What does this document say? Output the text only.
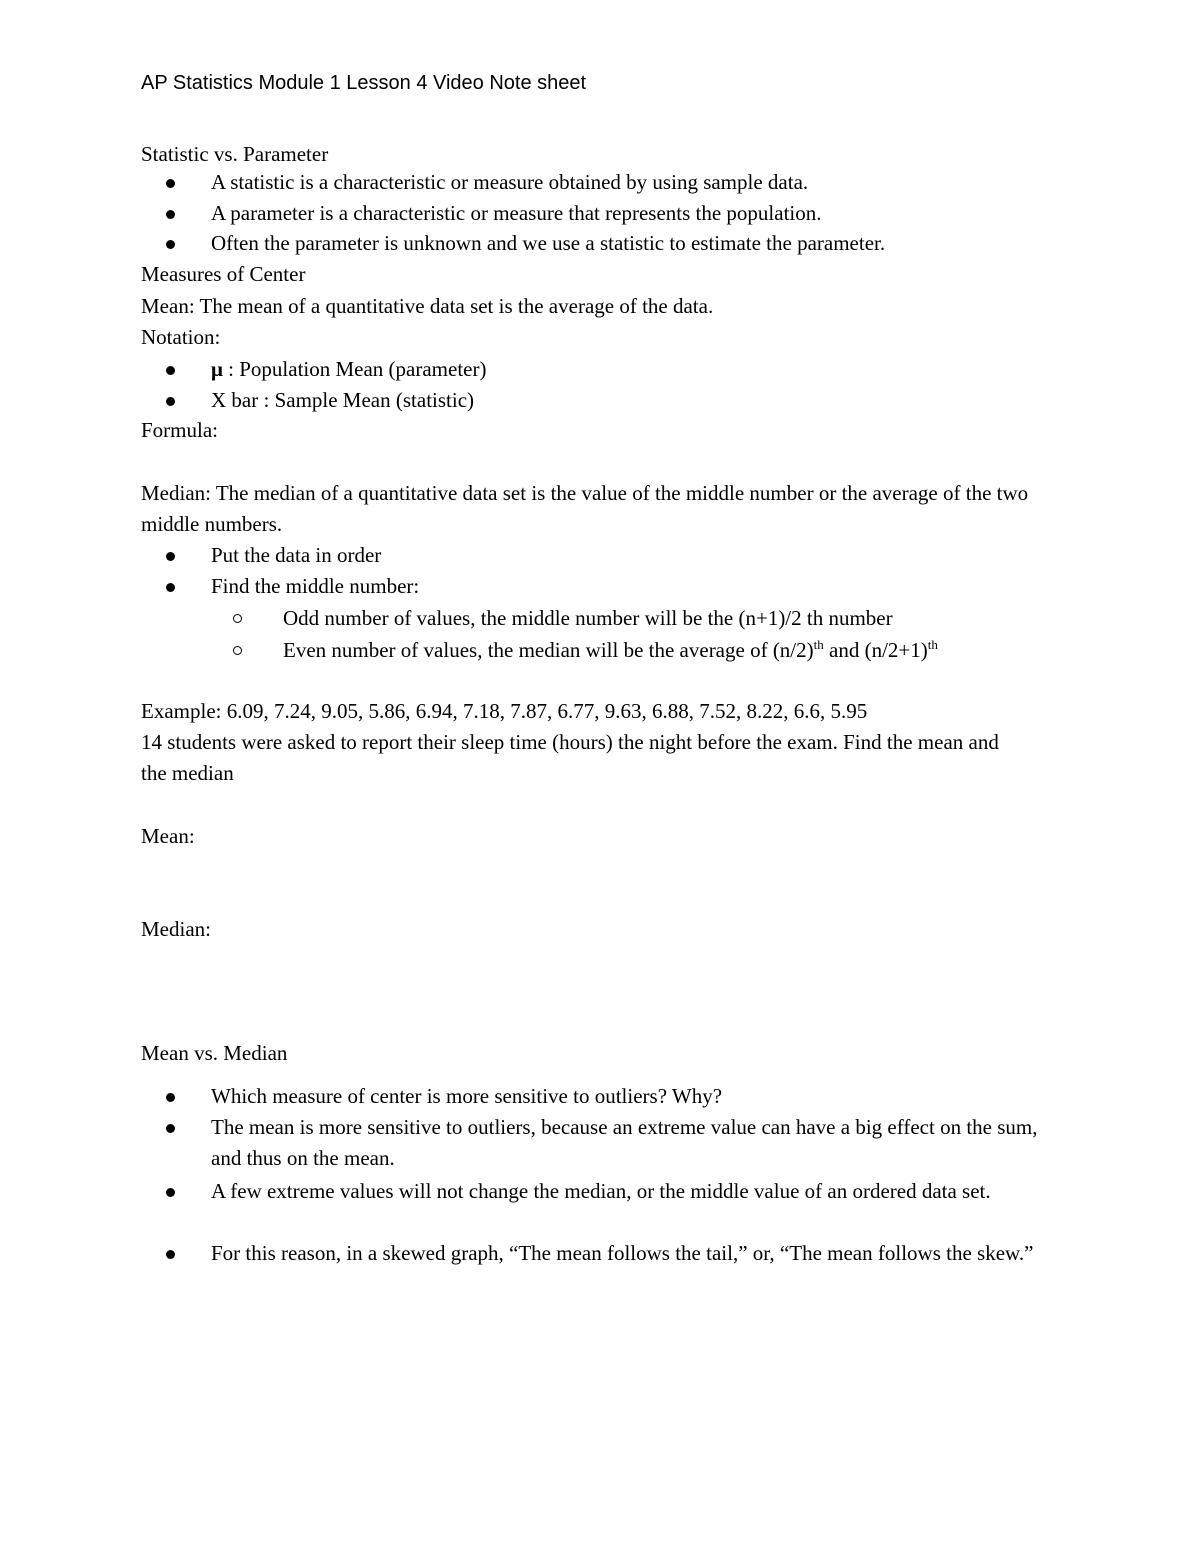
AP Statistics Module 1 Lesson 4 Video Note sheet

Statistic vs. Parameter

A statistic is a characteristic or measure obtained by using sample data.
A parameter is a characteristic or measure that represents the population.
Often the parameter is unknown and we use a statistic to estimate the parameter.

Measures of Center

Mean: The mean of a quantitative data set is the average of the data.

Notation:

μ : Population Mean (parameter)
X bar : Sample Mean (statistic)

Formula:

Median: The median of a quantitative data set is the value of the middle number or the average of the two middle numbers.

Put the data in order
Find the middle number:
Odd number of values, the middle number will be the (n+1)/2 th number
Even number of values, the median will be the average of $(n/2)^{th}$ and $(n/2+1)^{th}$

Example: 6.09, 7.24, 9.05, 5.86, 6.94, 7.18, 7.87, 6.77, 9.63, 6.88, 7.52, 8.22, 6.6, 5.95

14 students were asked to report their sleep time (hours) the night before the exam. Find the mean and the median

Mean:

Median:

Mean vs. Median

Which measure of center is more sensitive to outliers? Why?
The mean is more sensitive to outliers, because an extreme value can have a big effect on the sum, and thus on the mean.
A few extreme values will not change the median, or the middle value of an ordered data set.
For this reason, in a skewed graph, “The mean follows the tail,” or, “The mean follows the skew.”
